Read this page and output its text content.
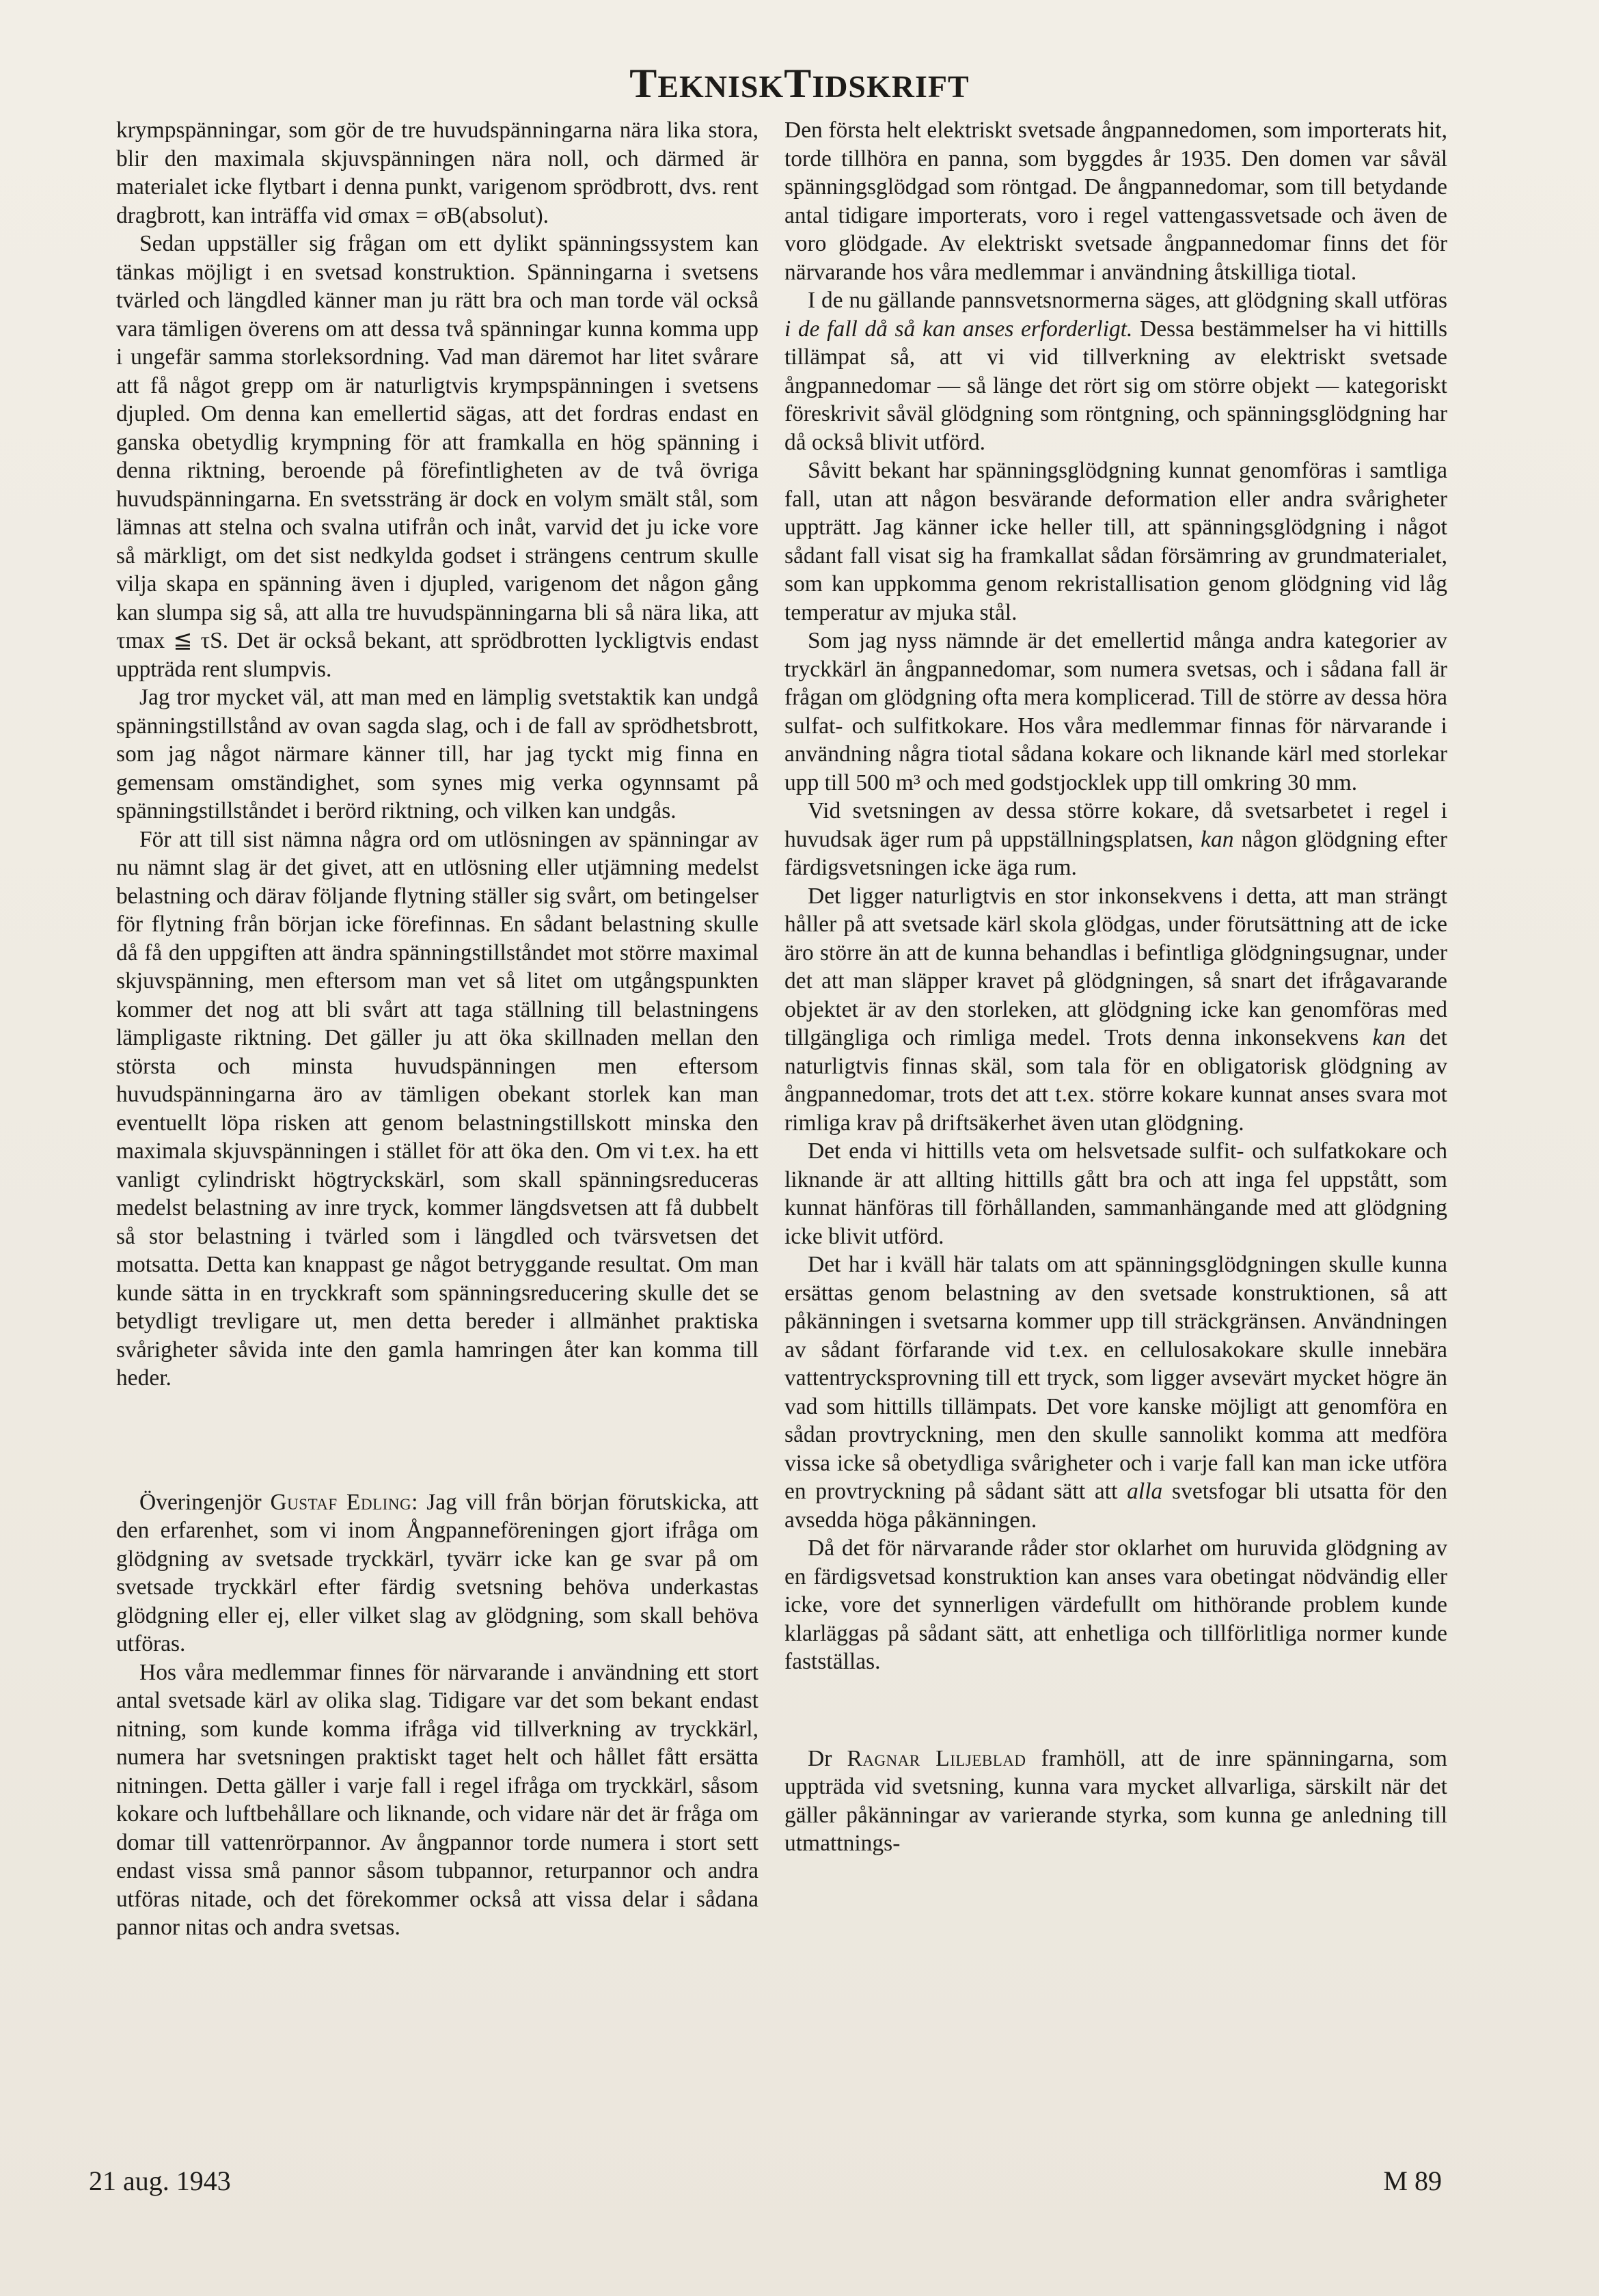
TEKNISKTIDSKRIFT

krympspänningar, som gör de tre huvudspänningarna nära lika stora, blir den maximala skjuvspänningen nära noll, och därmed är materialet icke flytbart i denna punkt, varigenom sprödbrott, dvs. rent dragbrott, kan inträffa vid σmax = σB(absolut).

Sedan uppställer sig frågan om ett dylikt spänningssystem kan tänkas möjligt i en svetsad konstruktion. Spänningarna i svetsens tvärled och längdled känner man ju rätt bra och man torde väl också vara tämligen överens om att dessa två spänningar kunna komma upp i ungefär samma storleksordning. Vad man däremot har litet svårare att få något grepp om är naturligtvis krympspänningen i svetsens djupled. Om denna kan emellertid sägas, att det fordras endast en ganska obetydlig krympning för att framkalla en hög spänning i denna riktning, beroende på förefintligheten av de två övriga huvudspänningarna. En svetssträng är dock en volym smält stål, som lämnas att stelna och svalna utifrån och inåt, varvid det ju icke vore så märkligt, om det sist nedkylda godset i strängens centrum skulle vilja skapa en spänning även i djupled, varigenom det någon gång kan slumpa sig så, att alla tre huvudspänningarna bli så nära lika, att τmax ≦ τS. Det är också bekant, att sprödbrotten lyckligtvis endast uppträda rent slumpvis.

Jag tror mycket väl, att man med en lämplig svetstaktik kan undgå spänningstillstånd av ovan sagda slag, och i de fall av sprödhetsbrott, som jag något närmare känner till, har jag tyckt mig finna en gemensam omständighet, som synes mig verka ogynnsamt på spänningstillståndet i berörd riktning, och vilken kan undgås.

För att till sist nämna några ord om utlösningen av spänningar av nu nämnt slag är det givet, att en utlösning eller utjämning medelst belastning och därav följande flytning ställer sig svårt, om betingelser för flytning från början icke förefinnas. En sådant belastning skulle då få den uppgiften att ändra spänningstillståndet mot större maximal skjuvspänning, men eftersom man vet så litet om utgångspunkten kommer det nog att bli svårt att taga ställning till belastningens lämpligaste riktning. Det gäller ju att öka skillnaden mellan den största och minsta huvudspänningen men eftersom huvudspänningarna äro av tämligen obekant storlek kan man eventuellt löpa risken att genom belastningstillskott minska den maximala skjuvspänningen i stället för att öka den. Om vi t.ex. ha ett vanligt cylindriskt högtryckskärl, som skall spänningsreduceras medelst belastning av inre tryck, kommer längdsvetsen att få dubbelt så stor belastning i tvärled som i längdled och tvärsvetsen det motsatta. Detta kan knappast ge något betryggande resultat. Om man kunde sätta in en tryckkraft som spänningsreducering skulle det se betydligt trevligare ut, men detta bereder i allmänhet praktiska svårigheter såvida inte den gamla hamringen åter kan komma till heder.

Överingenjör Gustaf Edling: Jag vill från början förutskicka, att den erfarenhet, som vi inom Ångpanneföreningen gjort ifråga om glödgning av svetsade tryckkärl, tyvärr icke kan ge svar på om svetsade tryckkärl efter färdig svetsning behöva underkastas glödgning eller ej, eller vilket slag av glödgning, som skall behöva utföras.

Hos våra medlemmar finnes för närvarande i användning ett stort antal svetsade kärl av olika slag. Tidigare var det som bekant endast nitning, som kunde komma ifråga vid tillverkning av tryckkärl, numera har svetsningen praktiskt taget helt och hållet fått ersätta nitningen. Detta gäller i varje fall i regel ifråga om tryckkärl, såsom kokare och luftbehållare och liknande, och vidare när det är fråga om domar till vattenrörpannor. Av ångpannor torde numera i stort sett endast vissa små pannor såsom tubpannor, returpannor och andra utföras nitade, och det förekommer också att vissa delar i sådana pannor nitas och andra svetsas.

Den första helt elektriskt svetsade ångpannedomen, som importerats hit, torde tillhöra en panna, som byggdes år 1935. Den domen var såväl spänningsglödgad som röntgad. De ångpannedomar, som till betydande antal tidigare importerats, voro i regel vattengassvetsade och även de voro glödgade. Av elektriskt svetsade ångpannedomar finns det för närvarande hos våra medlemmar i användning åtskilliga tiotal.

I de nu gällande pannsvetsnormerna säges, att glödgning skall utföras i de fall då så kan anses erforderligt. Dessa bestämmelser ha vi hittills tillämpat så, att vi vid tillverkning av elektriskt svetsade ångpannedomar — så länge det rört sig om större objekt — kategoriskt föreskrivit såväl glödgning som röntgning, och spänningsglödgning har då också blivit utförd.

Såvitt bekant har spänningsglödgning kunnat genomföras i samtliga fall, utan att någon besvärande deformation eller andra svårigheter uppträtt. Jag känner icke heller till, att spänningsglödgning i något sådant fall visat sig ha framkallat sådan försämring av grundmaterialet, som kan uppkomma genom rekristallisation genom glödgning vid låg temperatur av mjuka stål.

Som jag nyss nämnde är det emellertid många andra kategorier av tryckkärl än ångpannedomar, som numera svetsas, och i sådana fall är frågan om glödgning ofta mera komplicerad. Till de större av dessa höra sulfat- och sulfitkokare. Hos våra medlemmar finnas för närvarande i användning några tiotal sådana kokare och liknande kärl med storlekar upp till 500 m³ och med godstjocklek upp till omkring 30 mm.

Vid svetsningen av dessa större kokare, då svetsarbetet i regel i huvudsak äger rum på uppställningsplatsen, kan någon glödgning efter färdigsvetsningen icke äga rum.

Det ligger naturligtvis en stor inkonsekvens i detta, att man strängt håller på att svetsade kärl skola glödgas, under förutsättning att de icke äro större än att de kunna behandlas i befintliga glödgningsugnar, under det att man släpper kravet på glödgningen, så snart det ifrågavarande objektet är av den storleken, att glödgning icke kan genomföras med tillgängliga och rimliga medel. Trots denna inkonsekvens kan det naturligtvis finnas skäl, som tala för en obligatorisk glödgning av ångpannedomar, trots det att t.ex. större kokare kunnat anses svara mot rimliga krav på driftsäkerhet även utan glödgning.

Det enda vi hittills veta om helsvetsade sulfit- och sulfatkokare och liknande är att allting hittills gått bra och att inga fel uppstått, som kunnat hänföras till förhållanden, sammanhängande med att glödgning icke blivit utförd.

Det har i kväll här talats om att spänningsglödgningen skulle kunna ersättas genom belastning av den svetsade konstruktionen, så att påkänningen i svetsarna kommer upp till sträckgränsen. Användningen av sådant förfarande vid t.ex. en cellulosakokare skulle innebära vattentrycksprovning till ett tryck, som ligger avsevärt mycket högre än vad som hittills tillämpats. Det vore kanske möjligt att genomföra en sådan provtryckning, men den skulle sannolikt komma att medföra vissa icke så obetydliga svårigheter och i varje fall kan man icke utföra en provtryckning på sådant sätt att alla svetsfogar bli utsatta för den avsedda höga påkänningen.

Då det för närvarande råder stor oklarhet om huruvida glödgning av en färdigsvetsad konstruktion kan anses vara obetingat nödvändig eller icke, vore det synnerligen värdefullt om hithörande problem kunde klarläggas på sådant sätt, att enhetliga och tillförlitliga normer kunde fastställas.

Dr Ragnar Liljeblad framhöll, att de inre spänningarna, som uppträda vid svetsning, kunna vara mycket allvarliga, särskilt när det gäller påkänningar av varierande styrka, som kunna ge anledning till utmattnings-

21 aug. 1943	M 89
